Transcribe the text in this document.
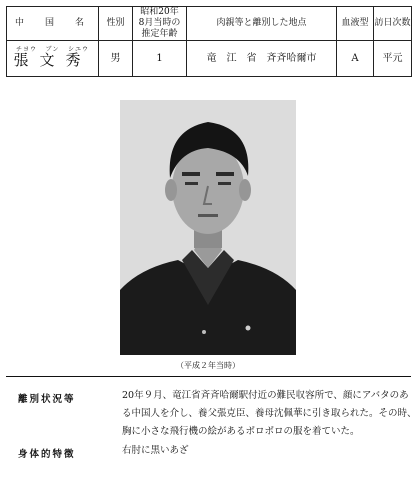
中　国　名	性別	昭和20年
8月当時の
推定年齢	肉親等と離別した地点	血液型	訪日次数

チヨウ ブン シユウ
張文秀	男	1	竜　江　省　斉斉哈爾市	A	平元
（平成２年当時）
離別状況等	20年９月、竜江省斉斉哈爾駅付近の難民収容所で、顔にアバタのあ
る中国人を介し、養父張克臣、養母沈佩華に引き取られた。その時、
胸に小さな飛行機の絵があるボロボロの服を着ていた。
身体的特徴	右肘に黒いあざ
